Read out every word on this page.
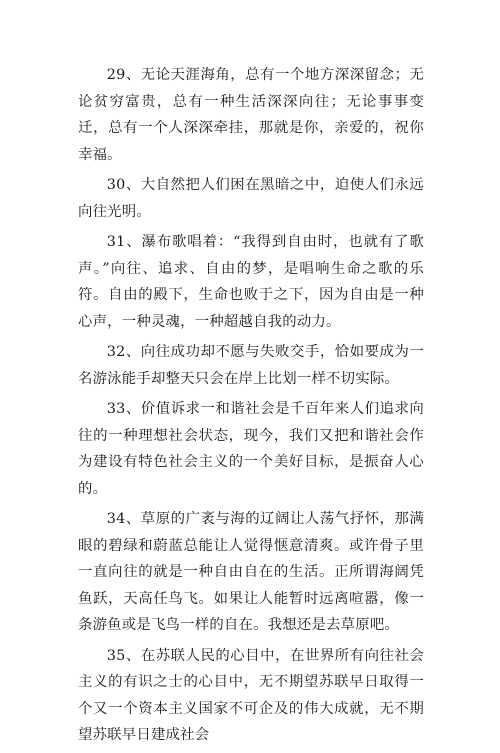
29、无论天涯海角，总有一个地方深深留念；无论贫穷富贵，总有一种生活深深向往；无论事事变迁，总有一个人深深牵挂，那就是你，亲爱的，祝你幸福。

30、大自然把人们困在黑暗之中，迫使人们永远向往光明。

31、瀑布歌唱着：“我得到自由时，也就有了歌声。”向往、追求、自由的梦，是唱响生命之歌的乐符。自由的殿下，生命也败于之下，因为自由是一种心声，一种灵魂，一种超越自我的动力。

32、向往成功却不愿与失败交手，恰如要成为一名游泳能手却整天只会在岸上比划一样不切实际。

33、价值诉求一和谐社会是千百年来人们追求向往的一种理想社会状态，现今，我们又把和谐社会作为建设有特色社会主义的一个美好目标，是振奋人心的。

34、草原的广袤与海的辽阔让人荡气抒怀，那满眼的碧绿和蔚蓝总能让人觉得惬意清爽。或许骨子里一直向往的就是一种自由自在的生活。正所谓海阔凭鱼跃，天高任鸟飞。如果让人能暂时远离喧嚣，像一条游鱼或是飞鸟一样的自在。我想还是去草原吧。

35、在苏联人民的心目中，在世界所有向往社会主义的有识之士的心目中，无不期望苏联早日取得一个又一个资本主义国家不可企及的伟大成就，无不期望苏联早日建成社会
